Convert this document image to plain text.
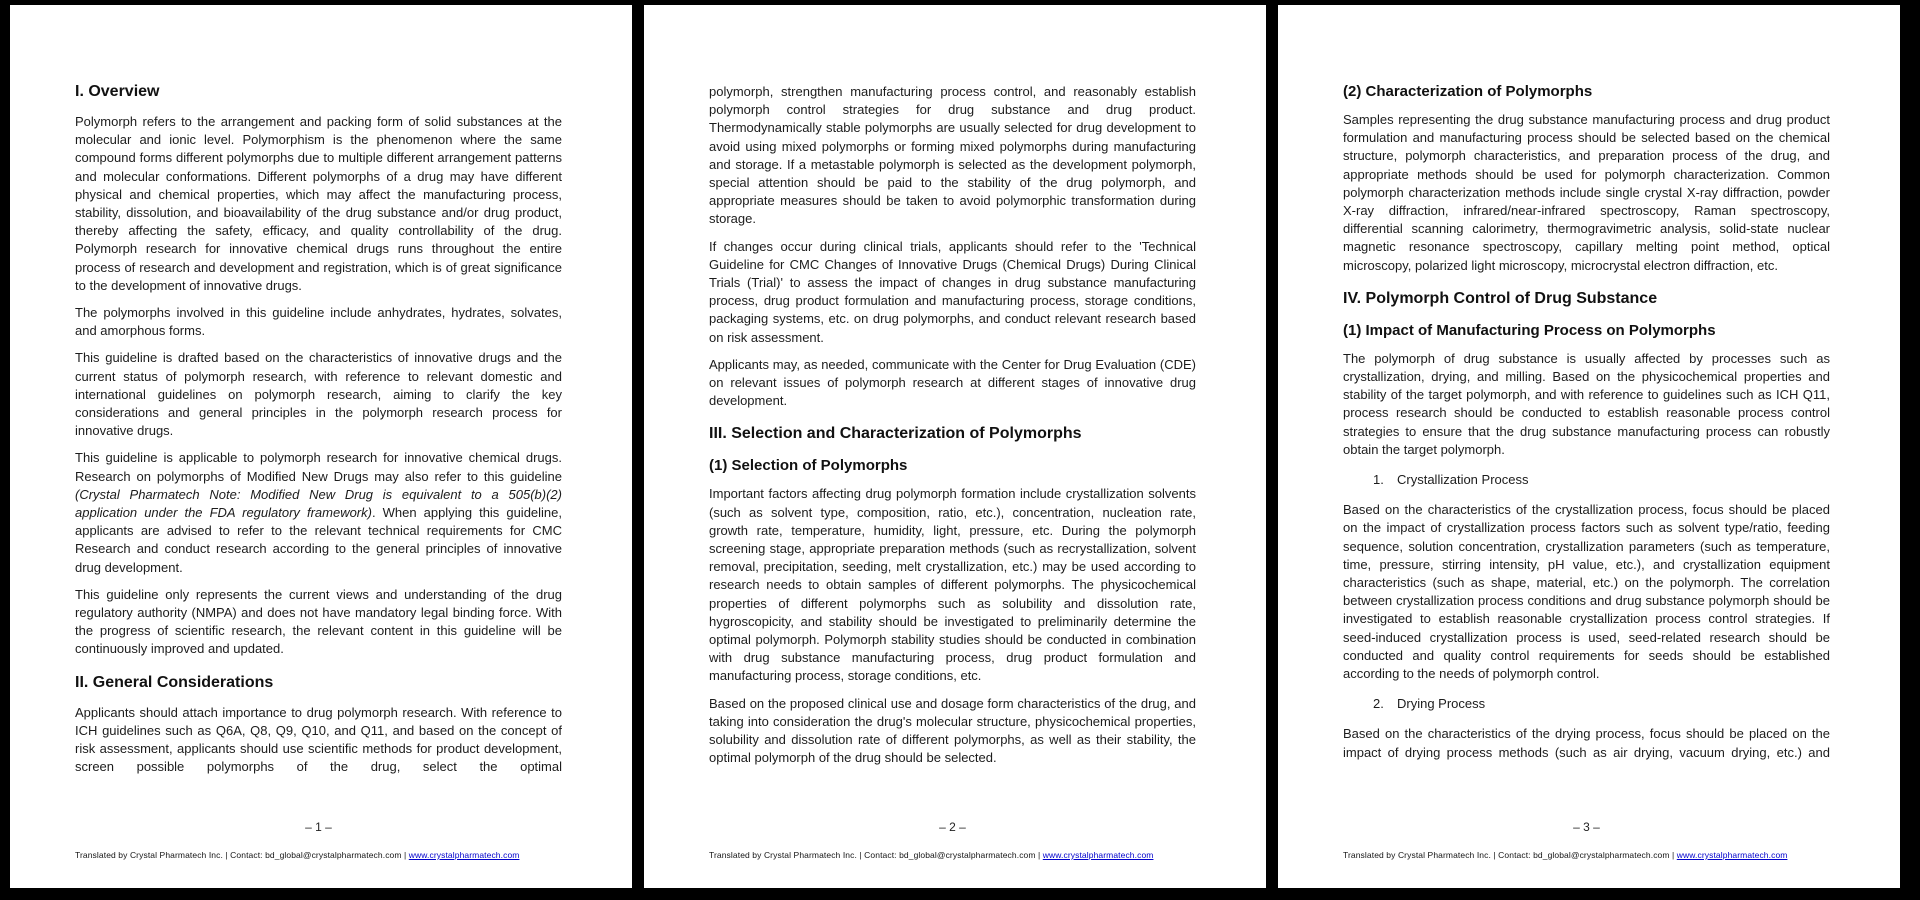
I. Overview

Polymorph refers to the arrangement and packing form of solid substances at the molecular and ionic level. Polymorphism is the phenomenon where the same compound forms different polymorphs due to multiple different arrangement patterns and molecular conformations. Different polymorphs of a drug may have different physical and chemical properties, which may affect the manufacturing process, stability, dissolution, and bioavailability of the drug substance and/or drug product, thereby affecting the safety, efficacy, and quality controllability of the drug. Polymorph research for innovative chemical drugs runs throughout the entire process of research and development and registration, which is of great significance to the development of innovative drugs.

The polymorphs involved in this guideline include anhydrates, hydrates, solvates, and amorphous forms.

This guideline is drafted based on the characteristics of innovative drugs and the current status of polymorph research, with reference to relevant domestic and international guidelines on polymorph research, aiming to clarify the key considerations and general principles in the polymorph research process for innovative drugs.

This guideline is applicable to polymorph research for innovative chemical drugs. Research on polymorphs of Modified New Drugs may also refer to this guideline (Crystal Pharmatech Note: Modified New Drug is equivalent to a 505(b)(2) application under the FDA regulatory framework). When applying this guideline, applicants are advised to refer to the relevant technical requirements for CMC Research and conduct research according to the general principles of innovative drug development.

This guideline only represents the current views and understanding of the drug regulatory authority (NMPA) and does not have mandatory legal binding force. With the progress of scientific research, the relevant content in this guideline will be continuously improved and updated.

II. General Considerations

Applicants should attach importance to drug polymorph research. With reference to ICH guidelines such as Q6A, Q8, Q9, Q10, and Q11, and based on the concept of risk assessment, applicants should use scientific methods for product development, screen possible polymorphs of the drug, select the optimal

– 1 –
Translated by Crystal Pharmatech Inc. | Contact: bd_global@crystalpharmatech.com | www.crystalpharmatech.com

polymorph, strengthen manufacturing process control, and reasonably establish polymorph control strategies for drug substance and drug product. Thermodynamically stable polymorphs are usually selected for drug development to avoid using mixed polymorphs or forming mixed polymorphs during manufacturing and storage. If a metastable polymorph is selected as the development polymorph, special attention should be paid to the stability of the drug polymorph, and appropriate measures should be taken to avoid polymorphic transformation during storage.

If changes occur during clinical trials, applicants should refer to the 'Technical Guideline for CMC Changes of Innovative Drugs (Chemical Drugs) During Clinical Trials (Trial)' to assess the impact of changes in drug substance manufacturing process, drug product formulation and manufacturing process, storage conditions, packaging systems, etc. on drug polymorphs, and conduct relevant research based on risk assessment.

Applicants may, as needed, communicate with the Center for Drug Evaluation (CDE) on relevant issues of polymorph research at different stages of innovative drug development.

III. Selection and Characterization of Polymorphs
(1) Selection of Polymorphs

Important factors affecting drug polymorph formation include crystallization solvents (such as solvent type, composition, ratio, etc.), concentration, nucleation rate, growth rate, temperature, humidity, light, pressure, etc. During the polymorph screening stage, appropriate preparation methods (such as recrystallization, solvent removal, precipitation, seeding, melt crystallization, etc.) may be used according to research needs to obtain samples of different polymorphs. The physicochemical properties of different polymorphs such as solubility and dissolution rate, hygroscopicity, and stability should be investigated to preliminarily determine the optimal polymorph. Polymorph stability studies should be conducted in combination with drug substance manufacturing process, drug product formulation and manufacturing process, storage conditions, etc.

Based on the proposed clinical use and dosage form characteristics of the drug, and taking into consideration the drug's molecular structure, physicochemical properties, solubility and dissolution rate of different polymorphs, as well as their stability, the optimal polymorph of the drug should be selected.

– 2 –
Translated by Crystal Pharmatech Inc. | Contact: bd_global@crystalpharmatech.com | www.crystalpharmatech.com
(2) Characterization of Polymorphs

Samples representing the drug substance manufacturing process and drug product formulation and manufacturing process should be selected based on the chemical structure, polymorph characteristics, and preparation process of the drug, and appropriate methods should be used for polymorph characterization. Common polymorph characterization methods include single crystal X-ray diffraction, powder X-ray diffraction, infrared/near-infrared spectroscopy, Raman spectroscopy, differential scanning calorimetry, thermogravimetric analysis, solid-state nuclear magnetic resonance spectroscopy, capillary melting point method, optical microscopy, polarized light microscopy, microcrystal electron diffraction, etc.

IV. Polymorph Control of Drug Substance
(1) Impact of Manufacturing Process on Polymorphs

The polymorph of drug substance is usually affected by processes such as crystallization, drying, and milling. Based on the physicochemical properties and stability of the target polymorph, and with reference to guidelines such as ICH Q11, process research should be conducted to establish reasonable process control strategies to ensure that the drug substance manufacturing process can robustly obtain the target polymorph.

1. Crystallization Process

Based on the characteristics of the crystallization process, focus should be placed on the impact of crystallization process factors such as solvent type/ratio, feeding sequence, solution concentration, crystallization parameters (such as temperature, time, pressure, stirring intensity, pH value, etc.), and crystallization equipment characteristics (such as shape, material, etc.) on the polymorph. The correlation between crystallization process conditions and drug substance polymorph should be investigated to establish reasonable crystallization process control strategies. If seed-induced crystallization process is used, seed-related research should be conducted and quality control requirements for seeds should be established according to the needs of polymorph control.

2. Drying Process

Based on the characteristics of the drying process, focus should be placed on the impact of drying process methods (such as air drying, vacuum drying, etc.) and

– 3 –
Translated by Crystal Pharmatech Inc. | Contact: bd_global@crystalpharmatech.com | www.crystalpharmatech.com
